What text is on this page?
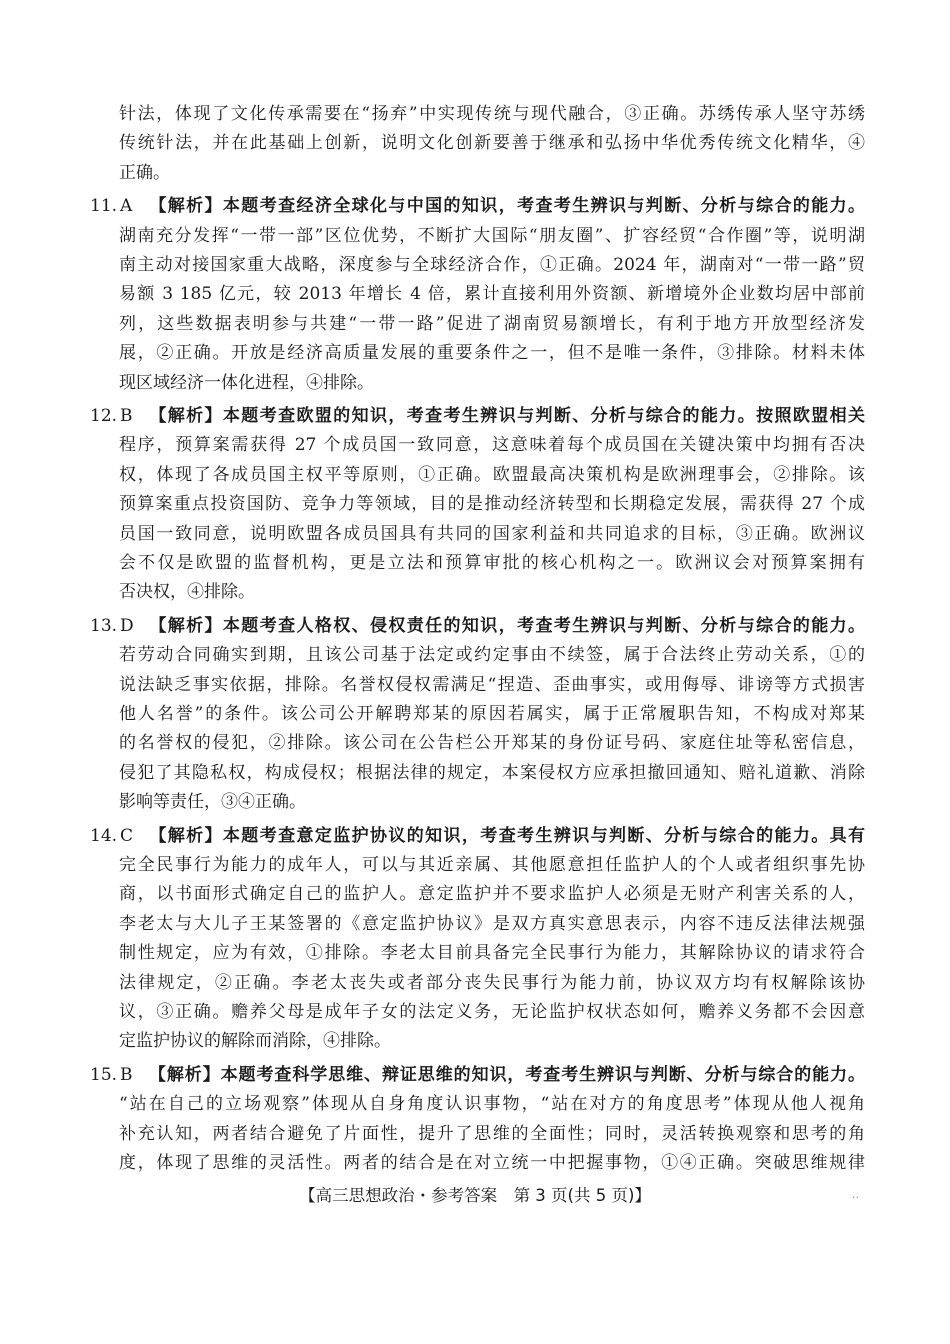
针法，体现了文化传承需要在“扬弃”中实现传统与现代融合，③正确。苏绣传承人坚守苏绣
传统针法，并在此基础上创新，说明文化创新要善于继承和弘扬中华优秀传统文化精华，④
正确。
11. A 【解析】本题考查经济全球化与中国的知识，考查考生辨识与判断、分析与综合的能力。
湖南充分发挥“一带一部”区位优势，不断扩大国际“朋友圈”、扩容经贸“合作圈”等，说明湖
南主动对接国家重大战略，深度参与全球经济合作，①正确。2024 年，湖南对“一带一路”贸
易额 3 185 亿元，较 2013 年增长 4 倍，累计直接利用外资额、新增境外企业数均居中部前
列，这些数据表明参与共建“一带一路”促进了湖南贸易额增长，有利于地方开放型经济发
展，②正确。开放是经济高质量发展的重要条件之一，但不是唯一条件，③排除。材料未体
现区域经济一体化进程，④排除。
12. B 【解析】本题考查欧盟的知识，考查考生辨识与判断、分析与综合的能力。按照欧盟相关
程序，预算案需获得 27 个成员国一致同意，这意味着每个成员国在关键决策中均拥有否决
权，体现了各成员国主权平等原则，①正确。欧盟最高决策机构是欧洲理事会，②排除。该
预算案重点投资国防、竞争力等领域，目的是推动经济转型和长期稳定发展，需获得 27 个成
员国一致同意，说明欧盟各成员国具有共同的国家利益和共同追求的目标，③正确。欧洲议
会不仅是欧盟的监督机构，更是立法和预算审批的核心机构之一。欧洲议会对预算案拥有
否决权，④排除。
13. D 【解析】本题考查人格权、侵权责任的知识，考查考生辨识与判断、分析与综合的能力。
若劳动合同确实到期，且该公司基于法定或约定事由不续签，属于合法终止劳动关系，①的
说法缺乏事实依据，排除。名誉权侵权需满足“捏造、歪曲事实，或用侮辱、诽谤等方式损害
他人名誉”的条件。该公司公开解聘郑某的原因若属实，属于正常履职告知，不构成对郑某
的名誉权的侵犯，②排除。该公司在公告栏公开郑某的身份证号码、家庭住址等私密信息，
侵犯了其隐私权，构成侵权；根据法律的规定，本案侵权方应承担撤回通知、赔礼道歉、消除
影响等责任，③④正确。
14. C 【解析】本题考查意定监护协议的知识，考查考生辨识与判断、分析与综合的能力。具有
完全民事行为能力的成年人，可以与其近亲属、其他愿意担任监护人的个人或者组织事先协
商，以书面形式确定自己的监护人。意定监护并不要求监护人必须是无财产利害关系的人，
李老太与大儿子王某签署的《意定监护协议》是双方真实意思表示，内容不违反法律法规强
制性规定，应为有效，①排除。李老太目前具备完全民事行为能力，其解除协议的请求符合
法律规定，②正确。李老太丧失或者部分丧失民事行为能力前，协议双方均有权解除该协
议，③正确。赡养父母是成年子女的法定义务，无论监护权状态如何，赡养义务都不会因意
定监护协议的解除而消除，④排除。
15. B 【解析】本题考查科学思维、辩证思维的知识，考查考生辨识与判断、分析与综合的能力。
【高三思想政治・参考答案　第 3 页(共 5 页)】	..
“站在自己的立场观察”体现从自身角度认识事物，“站在对方的角度思考”体现从他人视角
补充认知，两者结合避免了片面性，提升了思维的全面性；同时，灵活转换观察和思考的角
度，体现了思维的灵活性。两者的结合是在对立统一中把握事物，①④正确。突破思维规律
